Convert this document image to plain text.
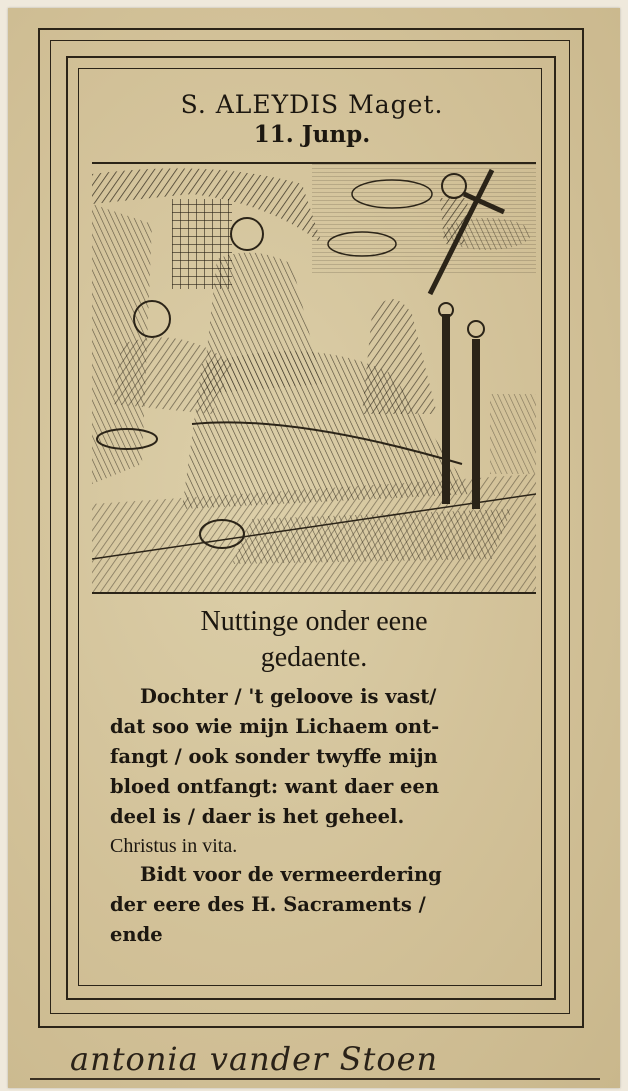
S. ALEYDIS Maget.
11. Junp.
Nuttinge onder eene
gedaente.
Dochter / 't geloove is vast/
dat soo wie mijn Lichaem ont-
fangt / ook sonder twyffe mijn
bloed ontfangt: want daer een
deel is / daer is het geheel.
Christus in vita.
Bidt voor de vermeerdering
der eere des H. Sacraments /
ende
antonia vander Stoen
